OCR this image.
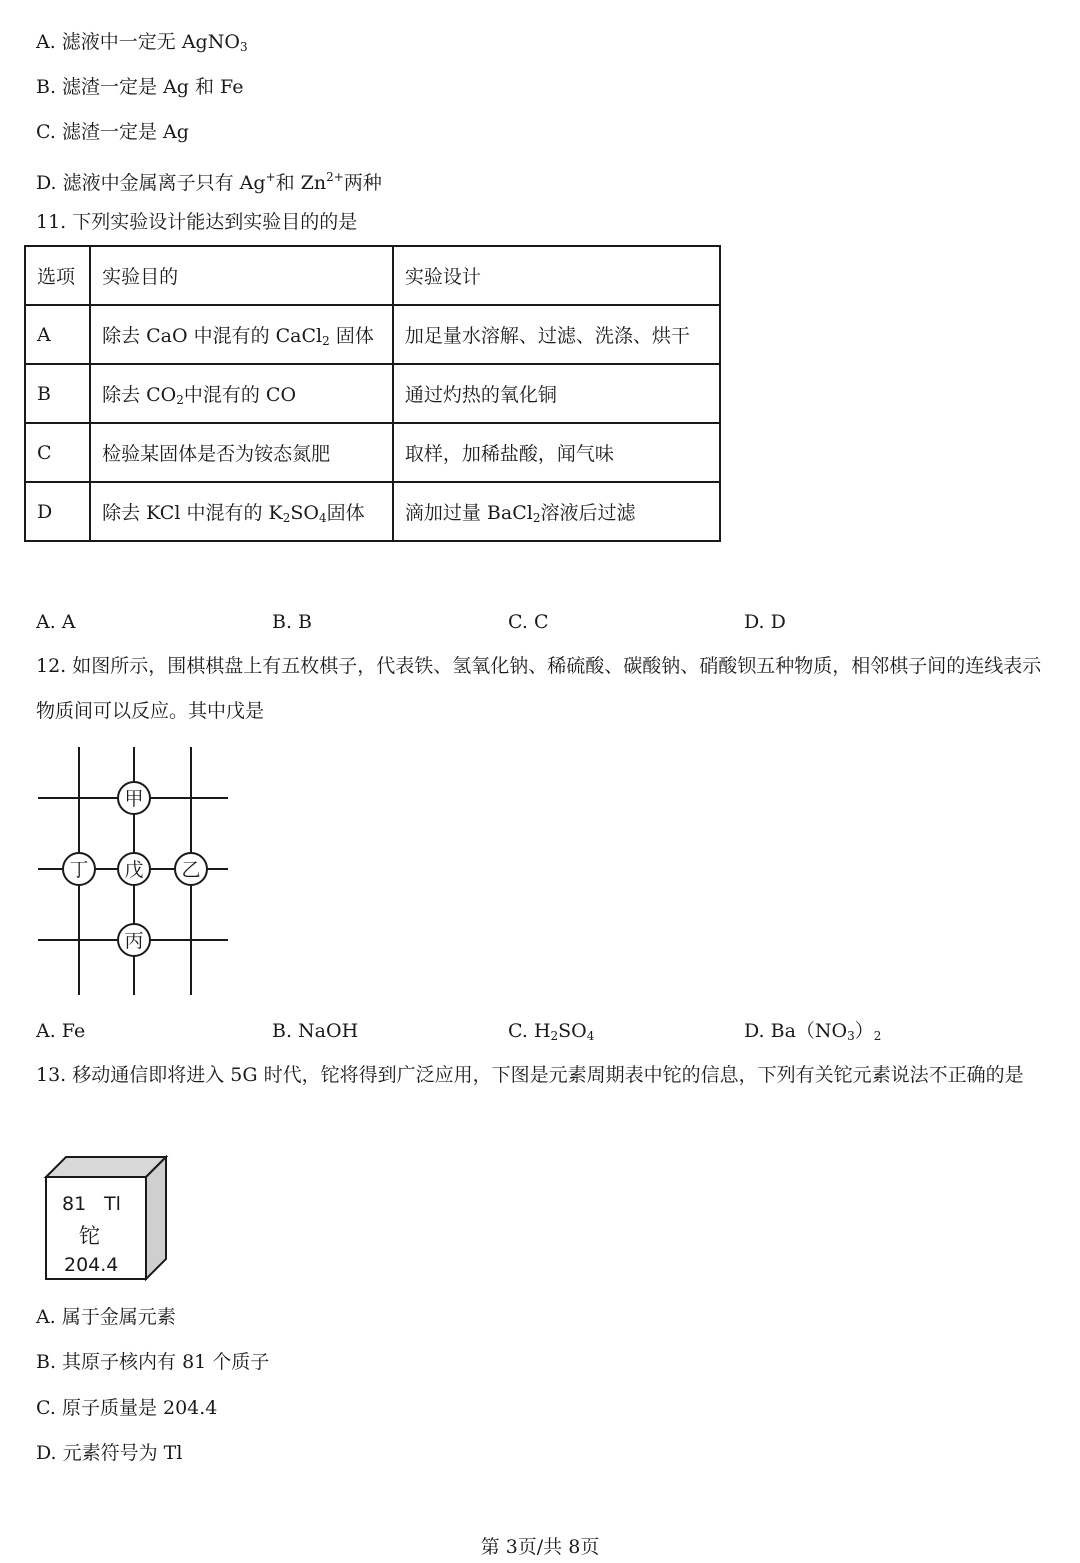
A. 滤液中一定无 AgNO$_3$
B. 滤渣一定是 Ag 和 Fe
C. 滤渣一定是 Ag
D. 滤液中金属离子只有 Ag+和 $Zn^{2+}$两种
11. 下列实验设计能达到实验目的的是
选项	实验目的	实验设计
A	除去 CaO 中混有的 CaCl$_2$ 固体	加足量水溶解、过滤、洗涤、烘干
B	除去 $CO_2$中混有的 CO	通过灼热的氧化铜
C	检验某固体是否为铵态氮肥	取样，加稀盐酸，闻气味
D	除去 KCl 中混有的 $K_2SO_4$固体	滴加过量 BaCl$_2$溶液后过滤
A. A	B. B	C. C	D. D
12. 如图所示，围棋棋盘上有五枚棋子，代表铁、氢氧化钠、稀硫酸、碳酸钠、硝酸钡五种物质，相邻棋子间的连线表示物质间可以反应。其中戊是
甲
丁 戊 乙
丙
A. Fe	B. NaOH	C. $H_2SO_4$	D. $Ba(NO_3)_2$
13. 移动通信即将进入 5G 时代，铊将得到广泛应用，下图是元素周期表中铊的信息，下列有关铊元素说法不正确的是
81 Tl
铊
204.4
A. 属于金属元素
B. 其原子核内有 81 个质子
C. 原子质量是 204.4
D. 元素符号为 Tl
第 3页/共 8页
